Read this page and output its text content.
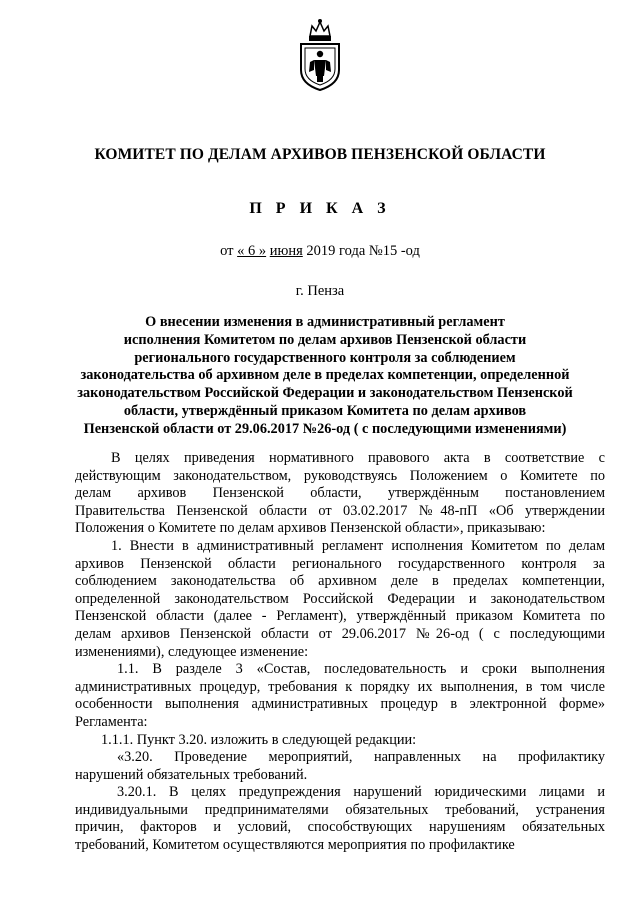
КОМИТЕТ ПО ДЕЛАМ АРХИВОВ ПЕНЗЕНСКОЙ ОБЛАСТИ
П Р И К А З
от « 6 » июня 2019 года №15 -од
г. Пенза
О внесении изменения в административный регламент
исполнения Комитетом по делам архивов Пензенской области
регионального государственного контроля за соблюдением
законодательства об архивном деле в пределах компетенции, определенной
законодательством Российской Федерации и законодательством Пензенской
области, утверждённый приказом Комитета по делам архивов
Пензенской области от 29.06.2017 №26-од ( с последующими изменениями)
В целях приведения нормативного правового акта в соответствие с
действующим законодательством, руководствуясь Положением о Комитете по
делам архивов Пензенской области, утверждённым постановлением
Правительства Пензенской области от 03.02.2017 №48-пП «Об утверждении
Положения о Комитете по делам архивов Пензенской области», приказываю:
1. Внести в административный регламент исполнения Комитетом по делам
архивов Пензенской области регионального государственного контроля за
соблюдением законодательства об архивном деле в пределах компетенции,
определенной законодательством Российской Федерации и законодательством
Пензенской области (далее - Регламент), утверждённый приказом Комитета по
делам архивов Пензенской области от 29.06.2017 №26-од ( с последующими
изменениями), следующее изменение:
1.1. В разделе 3 «Состав, последовательность и сроки выполнения
административных процедур, требования к порядку их выполнения, в том числе
особенности выполнения административных процедур в электронной форме»
Регламента:
1.1.1. Пункт 3.20. изложить в следующей редакции:
«3.20. Проведение мероприятий, направленных на профилактику
нарушений обязательных требований.
3.20.1. В целях предупреждения нарушений юридическими лицами и
индивидуальными предпринимателями обязательных требований, устранения
причин, факторов и условий, способствующих нарушениям обязательных
требований, Комитетом осуществляются мероприятия по профилактике
